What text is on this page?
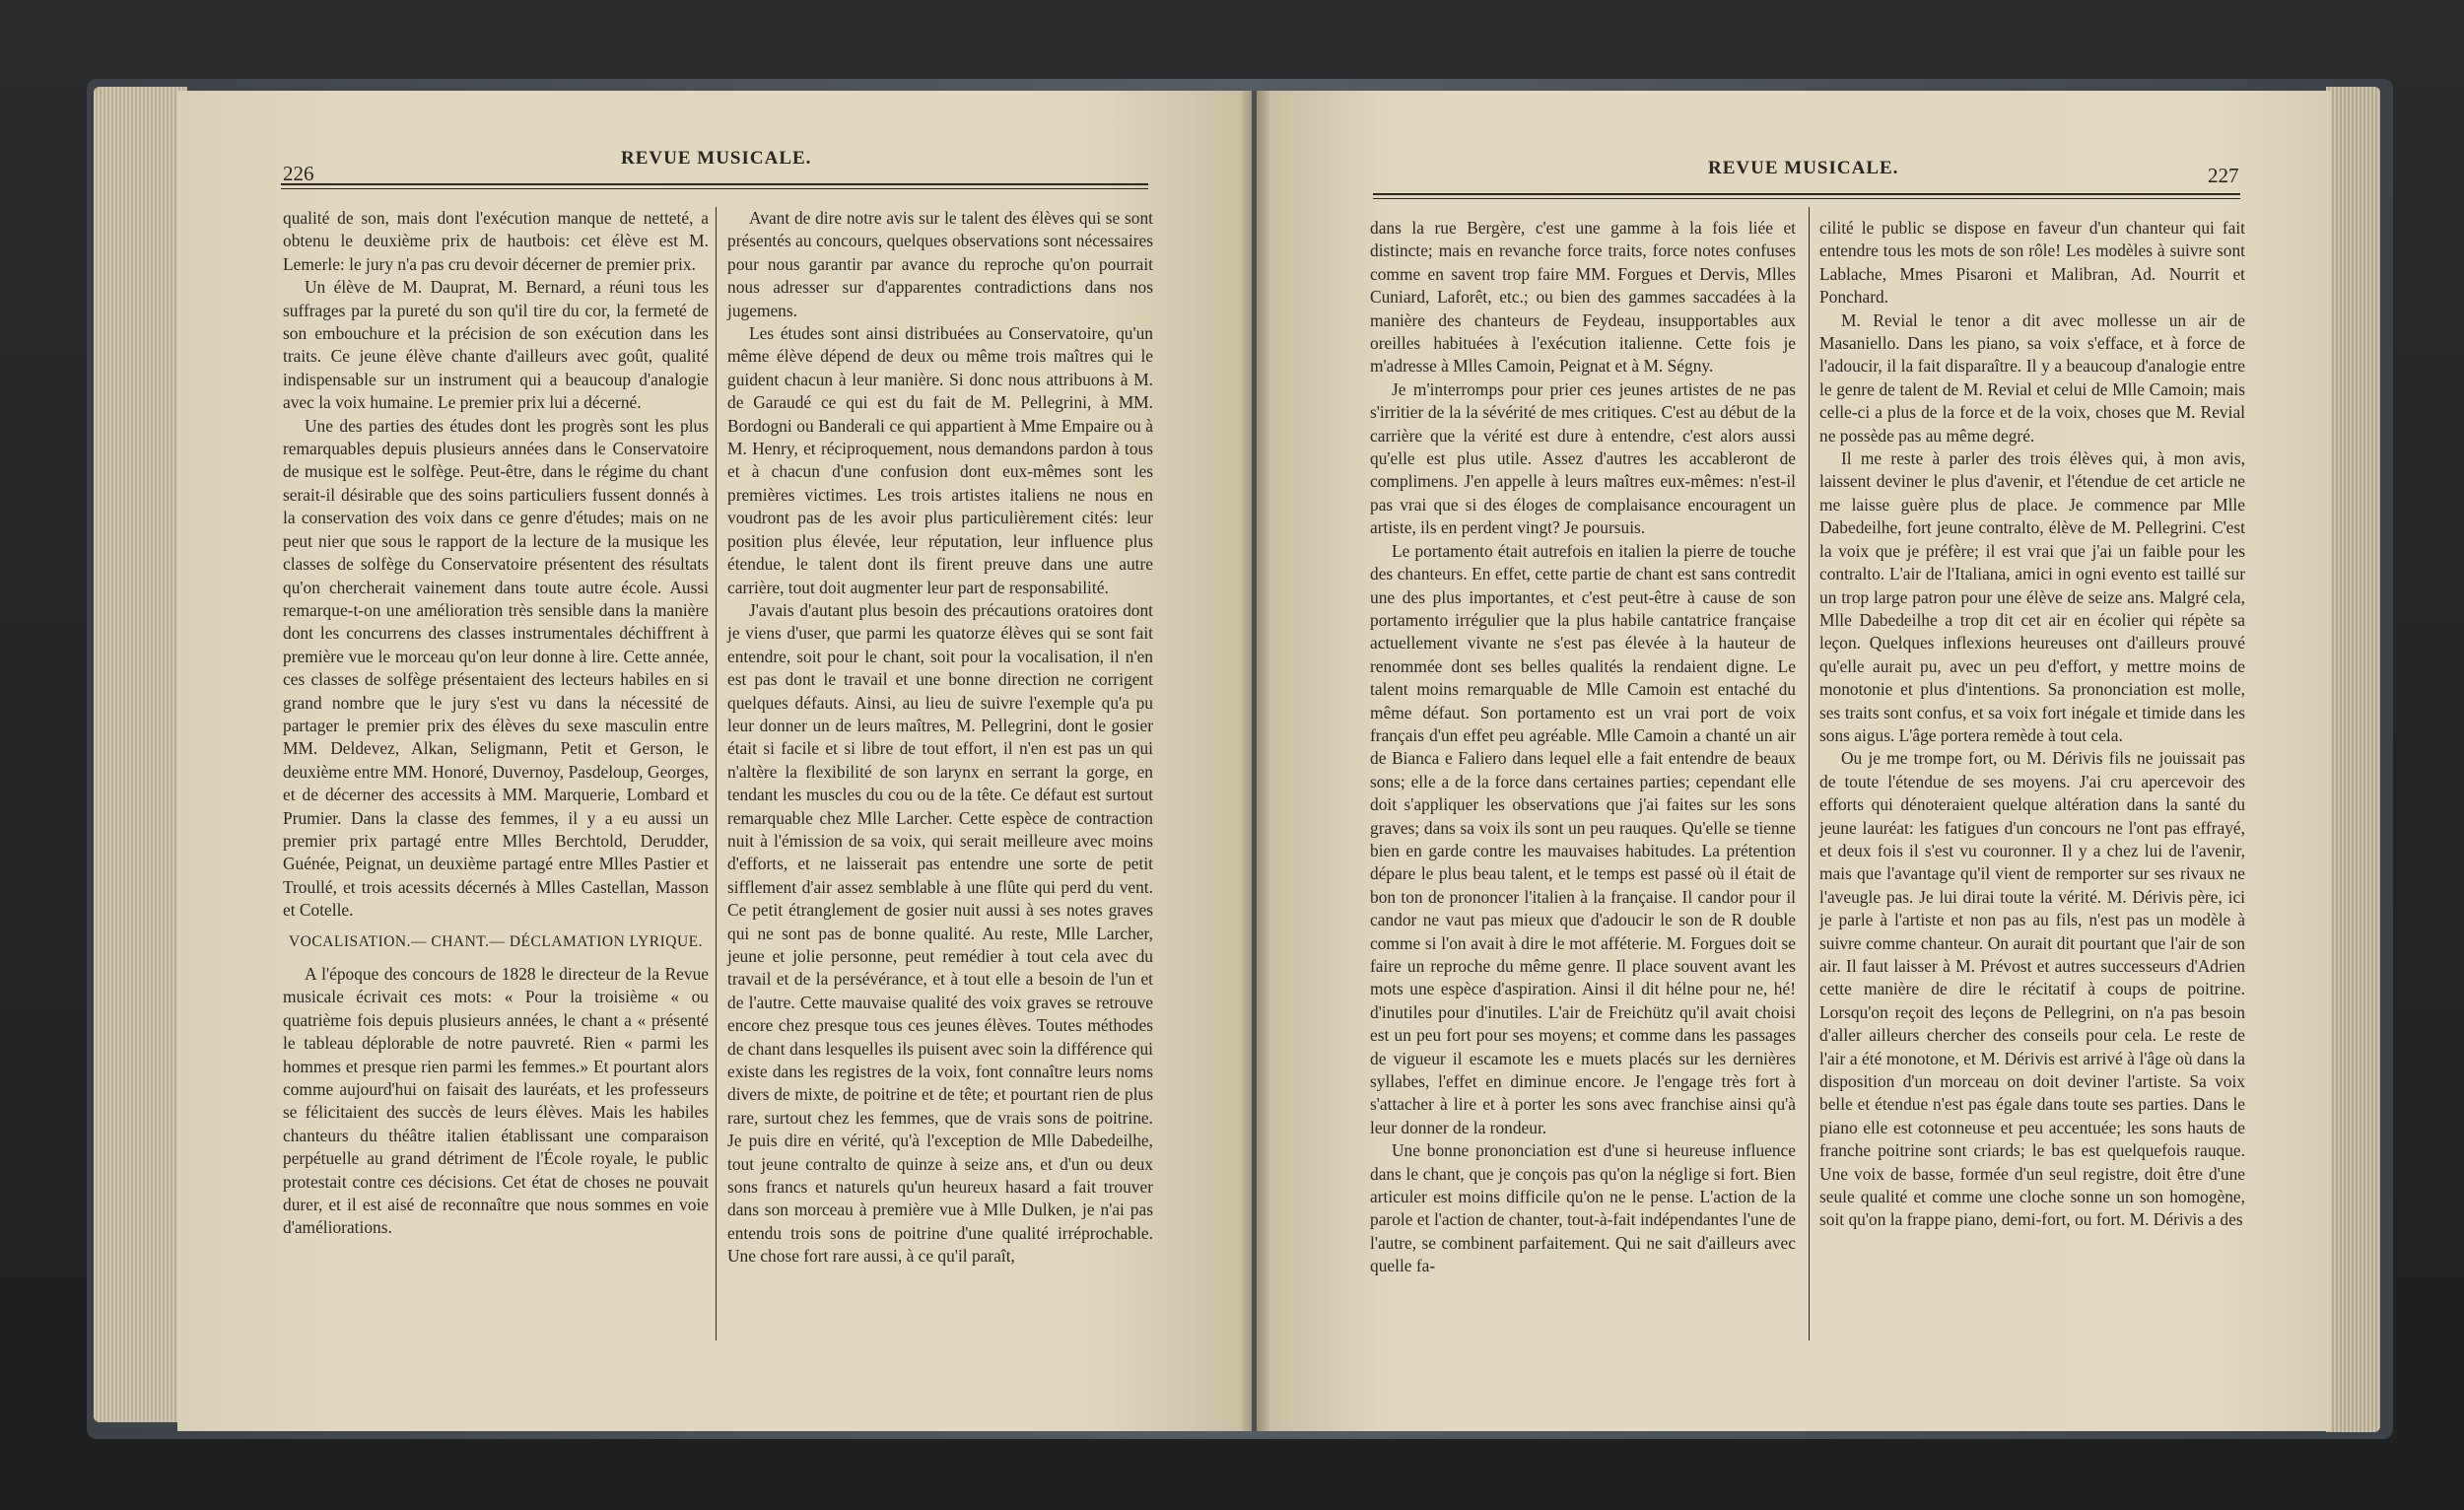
226
REVUE MUSICALE.	REVUE MUSICALE.	227

qualité de son, mais dont l'exécution manque de netteté, a obtenu le deuxième prix de hautbois: cet élève est M. Lemerle: le jury n'a pas cru devoir décerner de premier prix.

Un élève de M. Dauprat, M. Bernard, a réuni tous les suffrages par la pureté du son qu'il tire du cor, la fermeté de son embouchure et la précision de son exécution dans les traits. Ce jeune élève chante d'ailleurs avec goût, qualité indispensable sur un instrument qui a beaucoup d'analogie avec la voix humaine. Le premier prix lui a décerné.

Une des parties des études dont les progrès sont les plus remarquables depuis plusieurs années dans le Conservatoire de musique est le solfège. Peut-être, dans le régime du chant serait-il désirable que des soins particuliers fussent donnés à la conservation des voix dans ce genre d'études; mais on ne peut nier que sous le rapport de la lecture de la musique les classes de solfège du Conservatoire présentent des résultats qu'on chercherait vainement dans toute autre école. Aussi remarque-t-on une amélioration très sensible dans la manière dont les concurrens des classes instrumentales déchiffrent à première vue le morceau qu'on leur donne à lire. Cette année, ces classes de solfège présentaient des lecteurs habiles en si grand nombre que le jury s'est vu dans la nécessité de partager le premier prix des élèves du sexe masculin entre MM. Deldevez, Alkan, Seligmann, Petit et Gerson, le deuxième entre MM. Honoré, Duvernoy, Pasdeloup, Georges, et de décerner des accessits à MM. Marquerie, Lombard et Prumier. Dans la classe des femmes, il y a eu aussi un premier prix partagé entre Mlles Berchtold, Derudder, Guénée, Peignat, un deuxième partagé entre Mlles Pastier et Troullé, et trois acessits décernés à Mlles Castellan, Masson et Cotelle.

VOCALISATION.— CHANT.— DÉCLAMATION LYRIQUE.

A l'époque des concours de 1828 le directeur de la Revue musicale écrivait ces mots: « Pour la troisième « ou quatrième fois depuis plusieurs années, le chant a « présenté le tableau déplorable de notre pauvreté. Rien « parmi les hommes et presque rien parmi les femmes.» Et pourtant alors comme aujourd'hui on faisait des lauréats, et les professeurs se félicitaient des succès de leurs élèves. Mais les habiles chanteurs du théâtre italien établissant une comparaison perpétuelle au grand détriment de l'École royale, le public protestait contre ces décisions. Cet état de choses ne pouvait durer, et il est aisé de reconnaître que nous sommes en voie d'améliorations.

Avant de dire notre avis sur le talent des élèves qui se sont présentés au concours, quelques observations sont nécessaires pour nous garantir par avance du reproche qu'on pourrait nous adresser sur d'apparentes contradictions dans nos jugemens.

Les études sont ainsi distribuées au Conservatoire, qu'un même élève dépend de deux ou même trois maîtres qui le guident chacun à leur manière. Si donc nous attribuons à M. de Garaudé ce qui est du fait de M. Pellegrini, à MM. Bordogni ou Banderali ce qui appartient à Mme Empaire ou à M. Henry, et réciproquement, nous demandons pardon à tous et à chacun d'une confusion dont eux-mêmes sont les premières victimes. Les trois artistes italiens ne nous en voudront pas de les avoir plus particulièrement cités: leur position plus élevée, leur réputation, leur influence plus étendue, le talent dont ils firent preuve dans une autre carrière, tout doit augmenter leur part de responsabilité.

J'avais d'autant plus besoin des précautions oratoires dont je viens d'user, que parmi les quatorze élèves qui se sont fait entendre, soit pour le chant, soit pour la vocalisation, il n'en est pas dont le travail et une bonne direction ne corrigent quelques défauts. Ainsi, au lieu de suivre l'exemple qu'a pu leur donner un de leurs maîtres, M. Pellegrini, dont le gosier était si facile et si libre de tout effort, il n'en est pas un qui n'altère la flexibilité de son larynx en serrant la gorge, en tendant les muscles du cou ou de la tête. Ce défaut est surtout remarquable chez Mlle Larcher. Cette espèce de contraction nuit à l'émission de sa voix, qui serait meilleure avec moins d'efforts, et ne laisserait pas entendre une sorte de petit sifflement d'air assez semblable à une flûte qui perd du vent. Ce petit étranglement de gosier nuit aussi à ses notes graves qui ne sont pas de bonne qualité. Au reste, Mlle Larcher, jeune et jolie personne, peut remédier à tout cela avec du travail et de la persévérance, et à tout elle a besoin de l'un et de l'autre. Cette mauvaise qualité des voix graves se retrouve encore chez presque tous ces jeunes élèves. Toutes méthodes de chant dans lesquelles ils puisent avec soin la différence qui existe dans les registres de la voix, font connaître leurs noms divers de mixte, de poitrine et de tête; et pourtant rien de plus rare, surtout chez les femmes, que de vrais sons de poitrine. Je puis dire en vérité, qu'à l'exception de Mlle Dabedeilhe, tout jeune contralto de quinze à seize ans, et d'un ou deux sons francs et naturels qu'un heureux hasard a fait trouver dans son morceau à première vue à Mlle Dulken, je n'ai pas entendu trois sons de poitrine d'une qualité irréprochable. Une chose fort rare aussi, à ce qu'il paraît,

dans la rue Bergère, c'est une gamme à la fois liée et distincte; mais en revanche force traits, force notes confuses comme en savent trop faire MM. Forgues et Dervis, Mlles Cuniard, Laforêt, etc.; ou bien des gammes saccadées à la manière des chanteurs de Feydeau, insupportables aux oreilles habituées à l'exécution italienne. Cette fois je m'adresse à Mlles Camoin, Peignat et à M. Ségny.

Je m'interromps pour prier ces jeunes artistes de ne pas s'irritier de la la sévérité de mes critiques. C'est au début de la carrière que la vérité est dure à entendre, c'est alors aussi qu'elle est plus utile. Assez d'autres les accableront de complimens. J'en appelle à leurs maîtres eux-mêmes: n'est-il pas vrai que si des éloges de complaisance encouragent un artiste, ils en perdent vingt? Je poursuis.

Le portamento était autrefois en italien la pierre de touche des chanteurs. En effet, cette partie de chant est sans contredit une des plus importantes, et c'est peut-être à cause de son portamento irrégulier que la plus habile cantatrice française actuellement vivante ne s'est pas élevée à la hauteur de renommée dont ses belles qualités la rendaient digne. Le talent moins remarquable de Mlle Camoin est entaché du même défaut. Son portamento est un vrai port de voix français d'un effet peu agréable. Mlle Camoin a chanté un air de Bianca e Faliero dans lequel elle a fait entendre de beaux sons; elle a de la force dans certaines parties; cependant elle doit s'appliquer les observations que j'ai faites sur les sons graves; dans sa voix ils sont un peu rauques. Qu'elle se tienne bien en garde contre les mauvaises habitudes. La prétention dépare le plus beau talent, et le temps est passé où il était de bon ton de prononcer l'italien à la française. Il candor pour il candor ne vaut pas mieux que d'adoucir le son de R double comme si l'on avait à dire le mot afféterie. M. Forgues doit se faire un reproche du même genre. Il place souvent avant les mots une espèce d'aspiration. Ainsi il dit hélne pour ne, hé! d'inutiles pour d'inutiles. L'air de Freichütz qu'il avait choisi est un peu fort pour ses moyens; et comme dans les passages de vigueur il escamote les e muets placés sur les dernières syllabes, l'effet en diminue encore. Je l'engage très fort à s'attacher à lire et à porter les sons avec franchise ainsi qu'à leur donner de la rondeur.

Une bonne prononciation est d'une si heureuse influence dans le chant, que je conçois pas qu'on la néglige si fort. Bien articuler est moins difficile qu'on ne le pense. L'action de la parole et l'action de chanter, tout-à-fait indépendantes l'une de l'autre, se combinent parfaitement. Qui ne sait d'ailleurs avec quelle fa-

cilité le public se dispose en faveur d'un chanteur qui fait entendre tous les mots de son rôle! Les modèles à suivre sont Lablache, Mmes Pisaroni et Malibran, Ad. Nourrit et Ponchard.

M. Revial le tenor a dit avec mollesse un air de Masaniello. Dans les piano, sa voix s'efface, et à force de l'adoucir, il la fait disparaître. Il y a beaucoup d'analogie entre le genre de talent de M. Revial et celui de Mlle Camoin; mais celle-ci a plus de la force et de la voix, choses que M. Revial ne possède pas au même degré.

Il me reste à parler des trois élèves qui, à mon avis, laissent deviner le plus d'avenir, et l'étendue de cet article ne me laisse guère plus de place. Je commence par Mlle Dabedeilhe, fort jeune contralto, élève de M. Pellegrini. C'est la voix que je préfère; il est vrai que j'ai un faible pour les contralto. L'air de l'Italiana, amici in ogni evento est taillé sur un trop large patron pour une élève de seize ans. Malgré cela, Mlle Dabedeilhe a trop dit cet air en écolier qui répète sa leçon. Quelques inflexions heureuses ont d'ailleurs prouvé qu'elle aurait pu, avec un peu d'effort, y mettre moins de monotonie et plus d'intentions. Sa prononciation est molle, ses traits sont confus, et sa voix fort inégale et timide dans les sons aigus. L'âge portera remède à tout cela.

Ou je me trompe fort, ou M. Dérivis fils ne jouissait pas de toute l'étendue de ses moyens. J'ai cru apercevoir des efforts qui dénoteraient quelque altération dans la santé du jeune lauréat: les fatigues d'un concours ne l'ont pas effrayé, et deux fois il s'est vu couronner. Il y a chez lui de l'avenir, mais que l'avantage qu'il vient de remporter sur ses rivaux ne l'aveugle pas. Je lui dirai toute la vérité. M. Dérivis père, ici je parle à l'artiste et non pas au fils, n'est pas un modèle à suivre comme chanteur. On aurait dit pourtant que l'air de son air. Il faut laisser à M. Prévost et autres successeurs d'Adrien cette manière de dire le récitatif à coups de poitrine. Lorsqu'on reçoit des leçons de Pellegrini, on n'a pas besoin d'aller ailleurs chercher des conseils pour cela. Le reste de l'air a été monotone, et M. Dérivis est arrivé à l'âge où dans la disposition d'un morceau on doit deviner l'artiste. Sa voix belle et étendue n'est pas égale dans toute ses parties. Dans le piano elle est cotonneuse et peu accentuée; les sons hauts de franche poitrine sont criards; le bas est quelquefois rauque. Une voix de basse, formée d'un seul registre, doit être d'une seule qualité et comme une cloche sonne un son homogène, soit qu'on la frappe piano, demi-fort, ou fort. M. Dérivis a des
